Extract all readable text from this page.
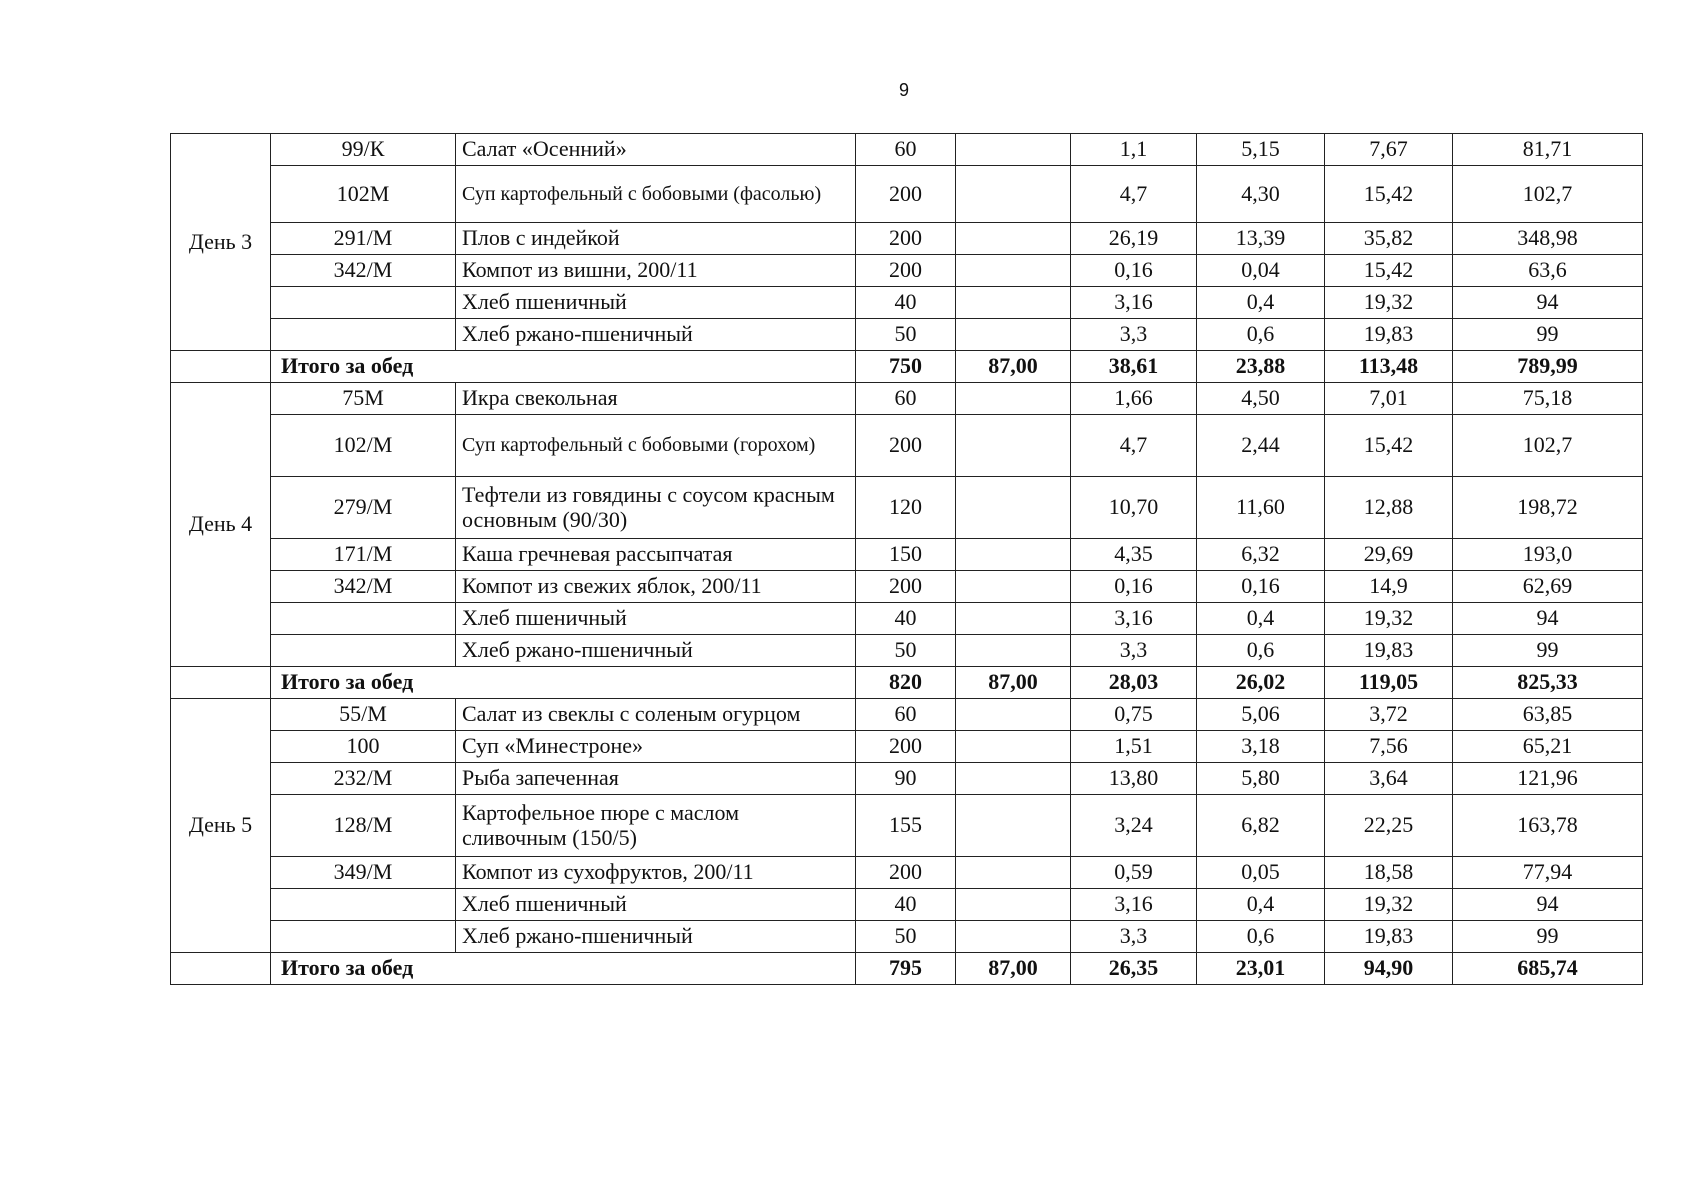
9
День 3	99/К	Салат «Осенний»	60		1,1	5,15	7,67	81,71
	102М	Суп картофельный с бобовыми (фасолью)	200		4,7	4,30	15,42	102,7
	291/М	Плов с индейкой	200		26,19	13,39	35,82	348,98
	342/М	Компот из вишни, 200/11	200		0,16	0,04	15,42	63,6
		Хлеб пшеничный	40		3,16	0,4	19,32	94
		Хлеб ржано-пшеничный	50		3,3	0,6	19,83	99
	Итого за обед		750	87,00	38,61	23,88	113,48	789,99
День 4	75М	Икра свекольная	60		1,66	4,50	7,01	75,18
	102/М	Суп картофельный с бобовыми (горохом)	200		4,7	2,44	15,42	102,7
	279/М	Тефтели из говядины с соусом красным основным (90/30)	120		10,70	11,60	12,88	198,72
	171/М	Каша гречневая рассыпчатая	150		4,35	6,32	29,69	193,0
	342/М	Компот из свежих яблок, 200/11	200		0,16	0,16	14,9	62,69
		Хлеб пшеничный	40		3,16	0,4	19,32	94
		Хлеб ржано-пшеничный	50		3,3	0,6	19,83	99
	Итого за обед		820	87,00	28,03	26,02	119,05	825,33
День 5	55/М	Салат из свеклы с соленым огурцом	60		0,75	5,06	3,72	63,85
	100	Суп «Минестроне»	200		1,51	3,18	7,56	65,21
	232/М	Рыба запеченная	90		13,80	5,80	3,64	121,96
	128/М	Картофельное пюре с маслом сливочным (150/5)	155		3,24	6,82	22,25	163,78
	349/М	Компот из сухофруктов, 200/11	200		0,59	0,05	18,58	77,94
		Хлеб пшеничный	40		3,16	0,4	19,32	94
		Хлеб ржано-пшеничный	50		3,3	0,6	19,83	99
	Итого за обед		795	87,00	26,35	23,01	94,90	685,74
